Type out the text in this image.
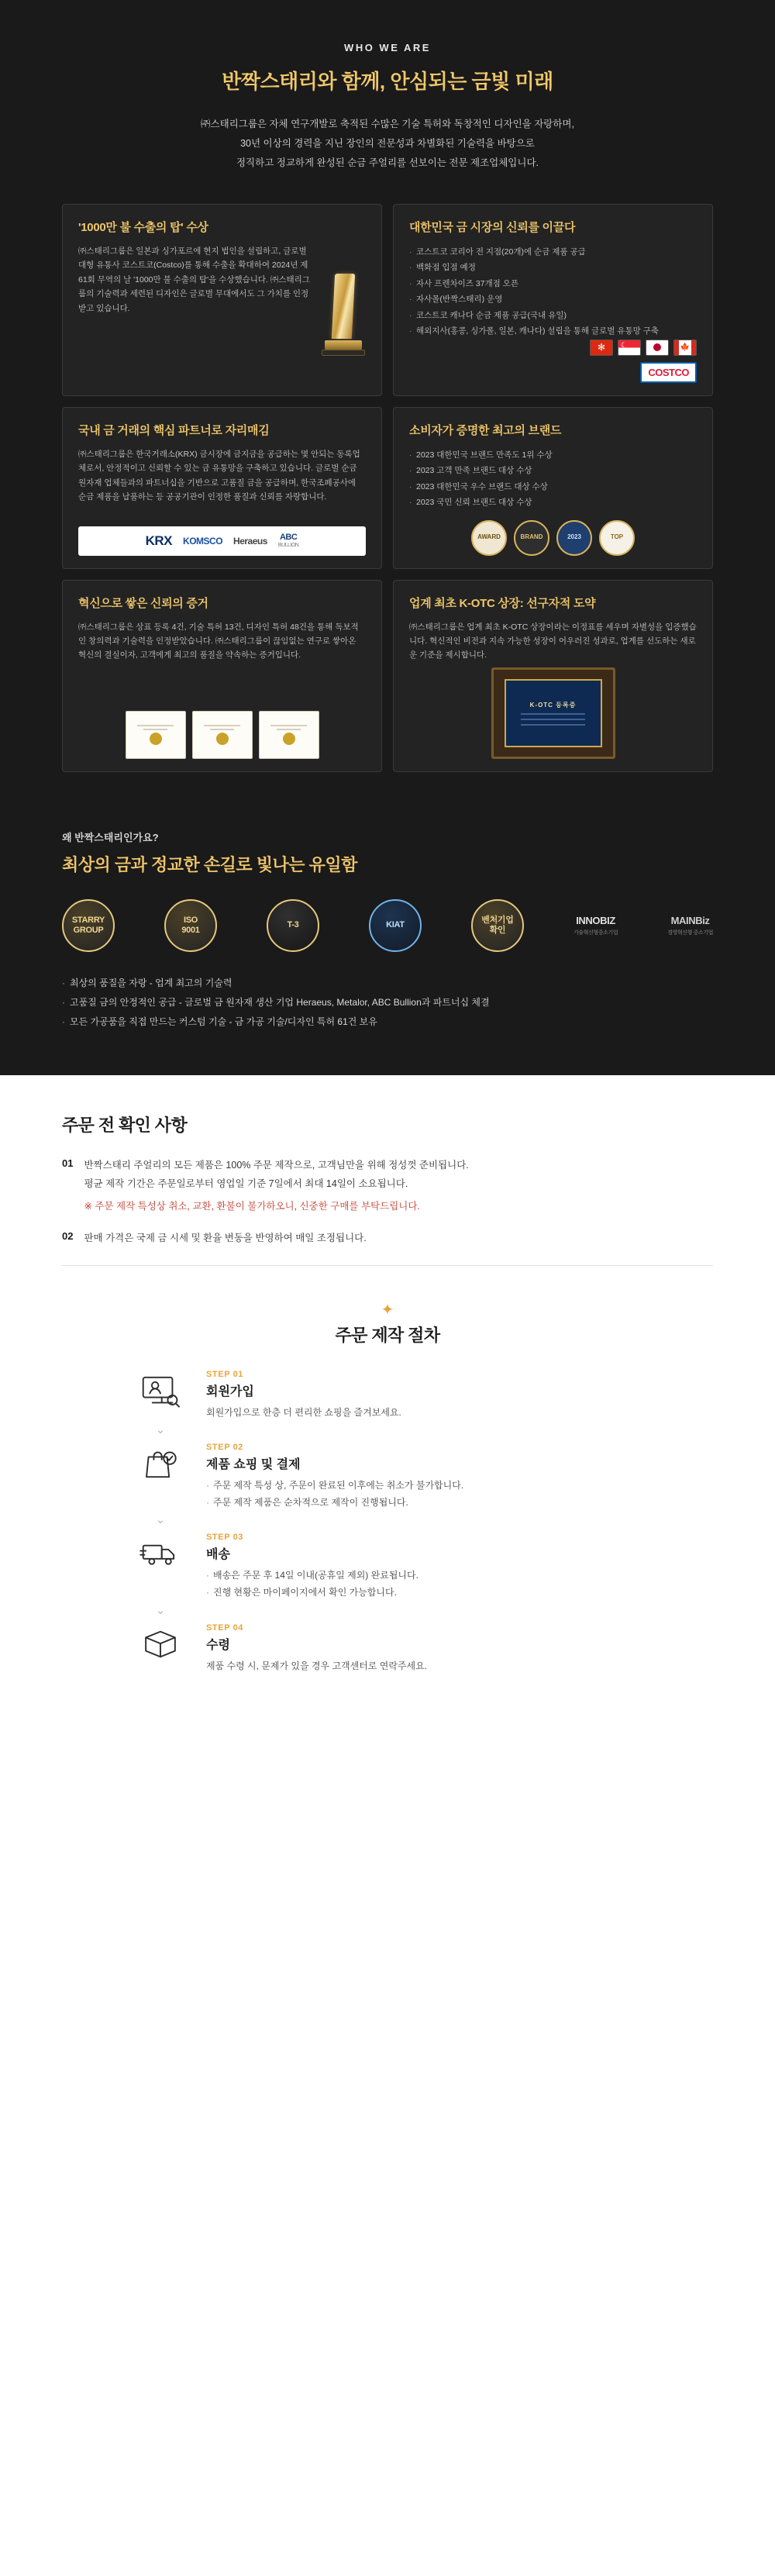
WHO WE ARE
반짝스태리와 함께, 안심되는 금빛 미래
㈜스태리그룹은 자체 연구개발로 축적된 수많은 기술 특허와 독창적인 디자인을 자랑하며,
30년 이상의 경력을 지닌 장인의 전문성과 차별화된 기술력을 바탕으로
정직하고 정교하게 완성된 순금 주얼리를 선보이는 전문 제조업체입니다.
'1000만 불 수출의 탑' 수상

㈜스태리그룹은 일본과 싱가포르에 현지 법인을 설립하고, 글로벌 대형 유통사 코스트코(Costco)를 통해 수출을 확대하여 2024년 제 61회 무역의 날 '1000만 불 수출의 탑'을 수상했습니다. ㈜스태리그룹의 기술력과 세련된 디자인은 글로벌 무대에서도 그 가치를 인정받고 있습니다.

대한민국 금 시장의 신뢰를 이끌다
· 코스트코 코리아 전 지점(20개)에 순금 제품 공급
· 백화점 입점 예정
· 자사 프렌차이즈 37개점 오픈
· 자사몰(반짝스태리) 운영
· 코스트코 캐나다 순금 제품 공급(국내 유일)
· 해외지사(홍콩, 싱가폴, 일본, 캐나다) 설립을 통해 글로벌 유통망 구축
✻
☾
🍁
COSTCO
국내 금 거래의 핵심 파트너로 자리매김

㈜스태리그룹은 한국거래소(KRX) 금시장에 금지금을 공급하는 몇 안되는 동록업체로서, 안정적이고 신뢰할 수 있는 금 유통망을 구축하고 있습니다. 글로벌 순금 원자재 업체들과의 파트너십을 기반으로 고품질 금을 공급하며, 한국조폐공사에 순금 제품을 납품하는 등 공공기관이 인정한 품질과 신뢰를 자랑합니다.

KRX KOMSCO Heraeus ABC
BULLION
소비자가 증명한 최고의 브랜드
· 2023 대한민국 브랜드 만족도 1위 수상
· 2023 고객 만족 브랜드 대상 수상
· 2023 대한민국 우수 브랜드 대상 수상
· 2023 국민 신뢰 브랜드 대상 수상
AWARD	BRAND	2023	TOP
혁신으로 쌓은 신뢰의 증거

㈜스태리그룹은 상표 등록 4건, 기술 특허 13건, 디자인 특허 48건을 통해 독보적인 창의력과 기술력을 인정받았습니다. ㈜스태리그룹이 끊임없는 연구로 쌓아온 혁신의 결실이자, 고객에게 최고의 품질을 약속하는 증거입니다.

업계 최초 K-OTC 상장: 선구자적 도약

㈜스태리그룹은 업계 최초 K-OTC 상장이라는 이정표를 세우며 자별성을 입증했습니다. 혁신적인 비전과 지속 가능한 성장이 어우러진 성과로, 업계를 선도하는 새로운 기준을 제시합니다.

K-OTC 등록증
왜 반짝스태리인가요?
최상의 금과 정교한 손길로 빛나는 유일함
STARRY
GROUP
ISO
9001
T-3	KIAT
벤처기업
확인
INNOBIZ
기술혁신형중소기업
MAINBiz
경영혁신형 중소기업
· 최상의 품질을 자랑 - 업계 최고의 기술력
· 고품질 금의 안정적인 공급 - 글로벌 금 원자재 생산 기업 Heraeus, Metalor, ABC Bullion과 파트너십 체결
· 모든 가공품을 직접 만드는 커스텀 기술 - 금 가공 기술/디자인 특허 61건 보유
주문 전 확인 사항
01 반짝스태리 주얼리의 모든 제품은 100% 주문 제작으로, 고객님만을 위해 정성껏 준비됩니다.

평균 제작 기간은 주문일로부터 영업일 기준 7일에서 최대 14일이 소요됩니다.

※ 주문 제작 특성상 취소, 교환, 환불이 불가하오니, 신중한 구매를 부탁드립니다.
02 판매 가격은 국제 금 시세 및 환율 변동을 반영하여 매일 조정됩니다.

✦
주문 제작 절차
STEP 01
회원가입
회원가입으로 한층 더 편리한 쇼핑을 즐겨보세요.
⌄
STEP 02
제품 쇼핑 및 결제
· 주문 제작 특성 상, 주문이 완료된 이후에는 취소가 불가합니다.
· 주문 제작 제품은 순차적으로 제작이 진행됩니다.
⌄
STEP 03
배송
· 배송은 주문 후 14일 이내(공휴일 제외) 완료됩니다.
· 진행 현황은 마이페이지에서 확인 가능합니다.
⌄
STEP 04
수령
제품 수령 시, 문제가 있을 경우 고객센터로 연락주세요.
